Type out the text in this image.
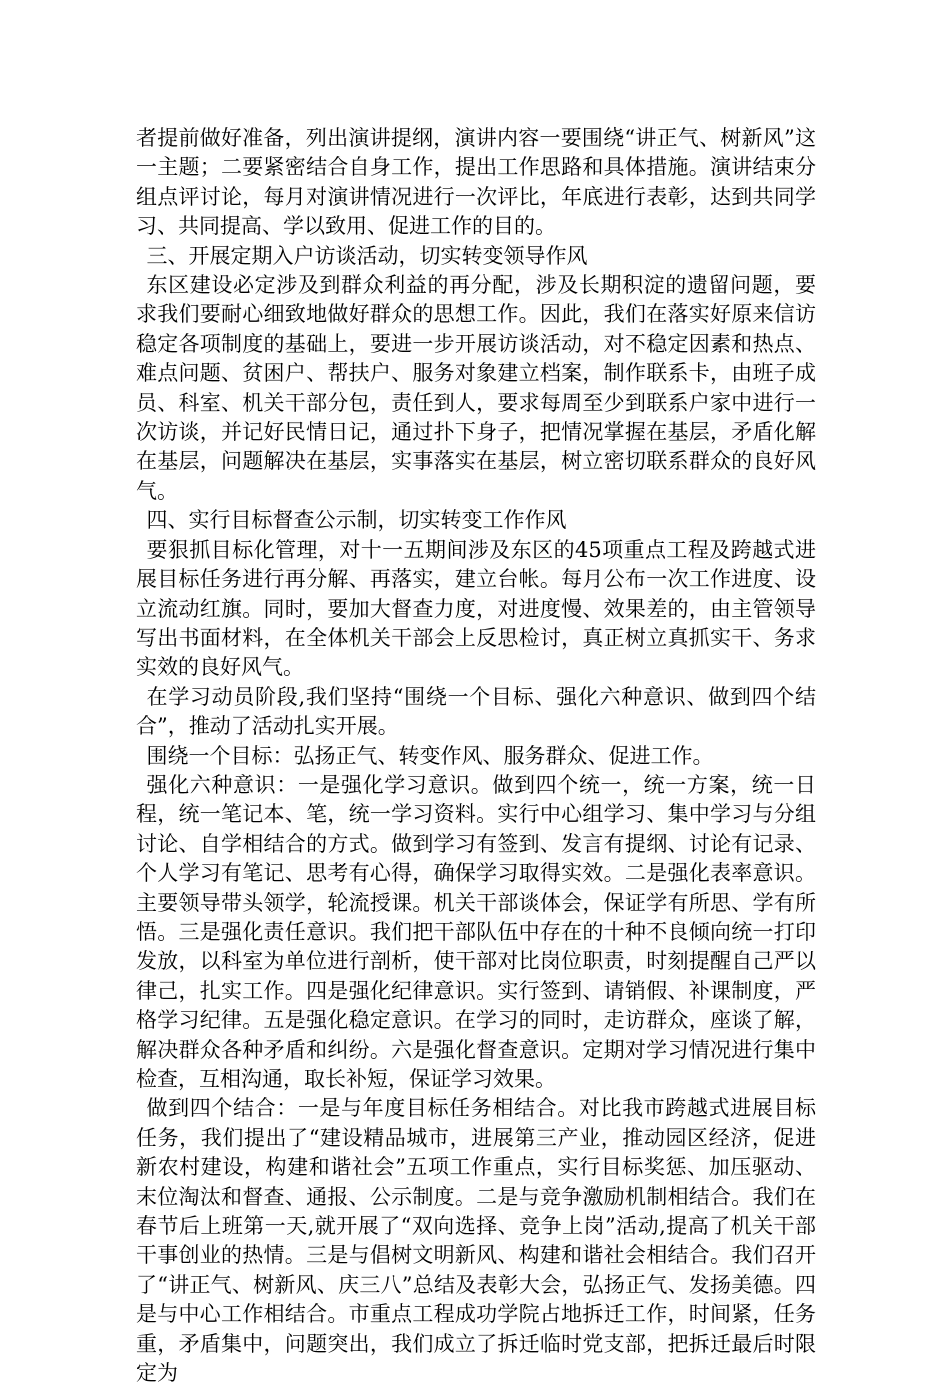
者提前做好准备，列出演讲提纲，演讲内容一要围绕“讲正气、树新风”这一主题；二要紧密结合自身工作，提出工作思路和具体措施。演讲结束分组点评讨论，每月对演讲情况进行一次评比，年底进行表彰，达到共同学习、共同提高、学以致用、促进工作的目的。

三、开展定期入户访谈活动，切实转变领导作风

东区建设必定涉及到群众利益的再分配，涉及长期积淀的遗留问题，要求我们要耐心细致地做好群众的思想工作。因此，我们在落实好原来信访稳定各项制度的基础上，要进一步开展访谈活动，对不稳定因素和热点、难点问题、贫困户、帮扶户、服务对象建立档案，制作联系卡，由班子成员、科室、机关干部分包，责任到人，要求每周至少到联系户家中进行一次访谈，并记好民情日记，通过扑下身子，把情况掌握在基层，矛盾化解在基层，问题解决在基层，实事落实在基层，树立密切联系群众的良好风气。

四、实行目标督查公示制，切实转变工作作风

要狠抓目标化管理，对十一五期间涉及东区的45项重点工程及跨越式进展目标任务进行再分解、再落实，建立台帐。每月公布一次工作进度、设立流动红旗。同时，要加大督查力度，对进度慢、效果差的，由主管领导写出书面材料，在全体机关干部会上反思检讨，真正树立真抓实干、务求实效的良好风气。

在学习动员阶段,我们坚持“围绕一个目标、强化六种意识、做到四个结合”，推动了活动扎实开展。

围绕一个目标：弘扬正气、转变作风、服务群众、促进工作。

强化六种意识：一是强化学习意识。做到四个统一，统一方案，统一日程，统一笔记本、笔，统一学习资料。实行中心组学习、集中学习与分组讨论、自学相结合的方式。做到学习有签到、发言有提纲、讨论有记录、个人学习有笔记、思考有心得，确保学习取得实效。二是强化表率意识。主要领导带头领学，轮流授课。机关干部谈体会，保证学有所思、学有所悟。三是强化责任意识。我们把干部队伍中存在的十种不良倾向统一打印发放，以科室为单位进行剖析，使干部对比岗位职责，时刻提醒自己严以律己，扎实工作。四是强化纪律意识。实行签到、请销假、补课制度，严格学习纪律。五是强化稳定意识。在学习的同时，走访群众，座谈了解，解决群众各种矛盾和纠纷。六是强化督查意识。定期对学习情况进行集中检查，互相沟通，取长补短，保证学习效果。

做到四个结合：一是与年度目标任务相结合。对比我市跨越式进展目标任务，我们提出了“建设精品城市，进展第三产业，推动园区经济，促进新农村建设，构建和谐社会”五项工作重点，实行目标奖惩、加压驱动、末位淘汰和督查、通报、公示制度。二是与竞争激励机制相结合。我们在春节后上班第一天,就开展了“双向选择、竞争上岗”活动,提高了机关干部干事创业的热情。三是与倡树文明新风、构建和谐社会相结合。我们召开了“讲正气、树新风、庆三八”总结及表彰大会，弘扬正气、发扬美德。四是与中心工作相结合。市重点工程成功学院占地拆迁工作，时间紧，任务重，矛盾集中，问题突出，我们成立了拆迁临时党支部，把拆迁最后时限定为
